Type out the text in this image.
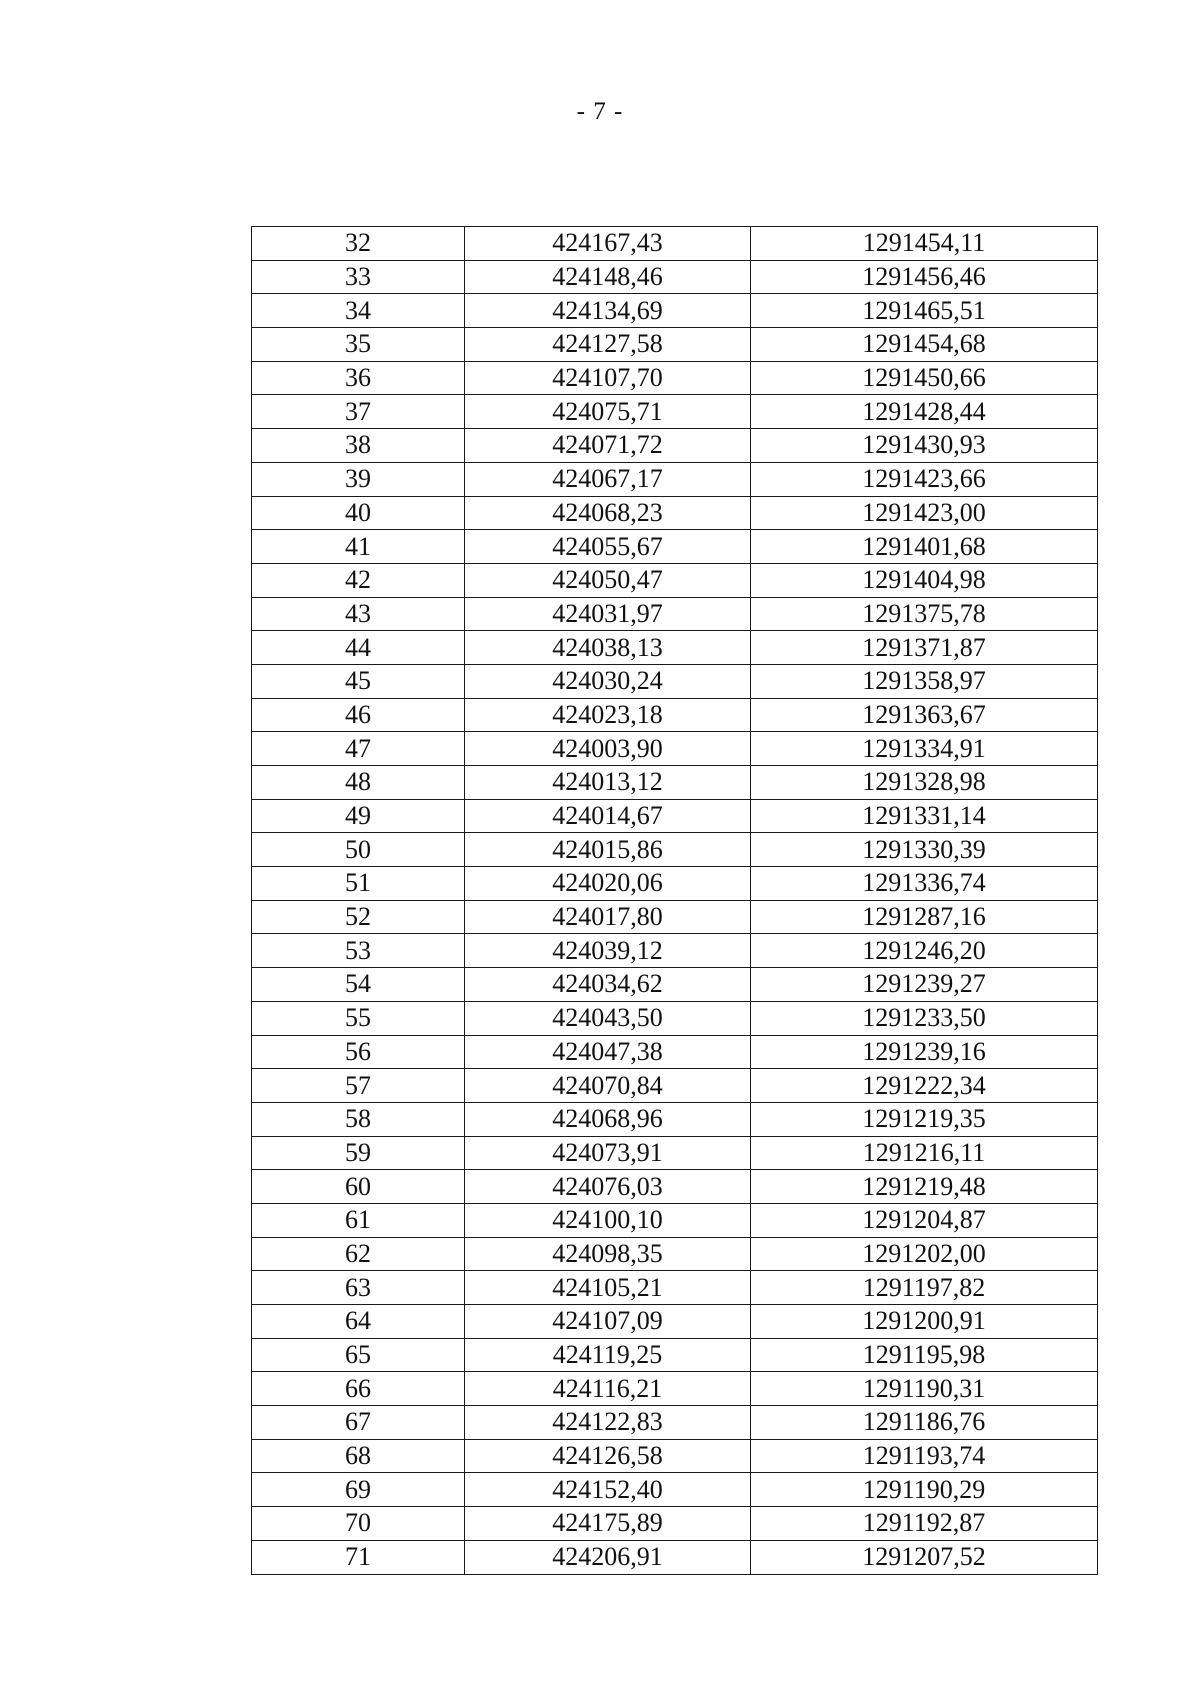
- 7 -
32	424167,43	1291454,11
33	424148,46	1291456,46
34	424134,69	1291465,51
35	424127,58	1291454,68
36	424107,70	1291450,66
37	424075,71	1291428,44
38	424071,72	1291430,93
39	424067,17	1291423,66
40	424068,23	1291423,00
41	424055,67	1291401,68
42	424050,47	1291404,98
43	424031,97	1291375,78
44	424038,13	1291371,87
45	424030,24	1291358,97
46	424023,18	1291363,67
47	424003,90	1291334,91
48	424013,12	1291328,98
49	424014,67	1291331,14
50	424015,86	1291330,39
51	424020,06	1291336,74
52	424017,80	1291287,16
53	424039,12	1291246,20
54	424034,62	1291239,27
55	424043,50	1291233,50
56	424047,38	1291239,16
57	424070,84	1291222,34
58	424068,96	1291219,35
59	424073,91	1291216,11
60	424076,03	1291219,48
61	424100,10	1291204,87
62	424098,35	1291202,00
63	424105,21	1291197,82
64	424107,09	1291200,91
65	424119,25	1291195,98
66	424116,21	1291190,31
67	424122,83	1291186,76
68	424126,58	1291193,74
69	424152,40	1291190,29
70	424175,89	1291192,87
71	424206,91	1291207,52
